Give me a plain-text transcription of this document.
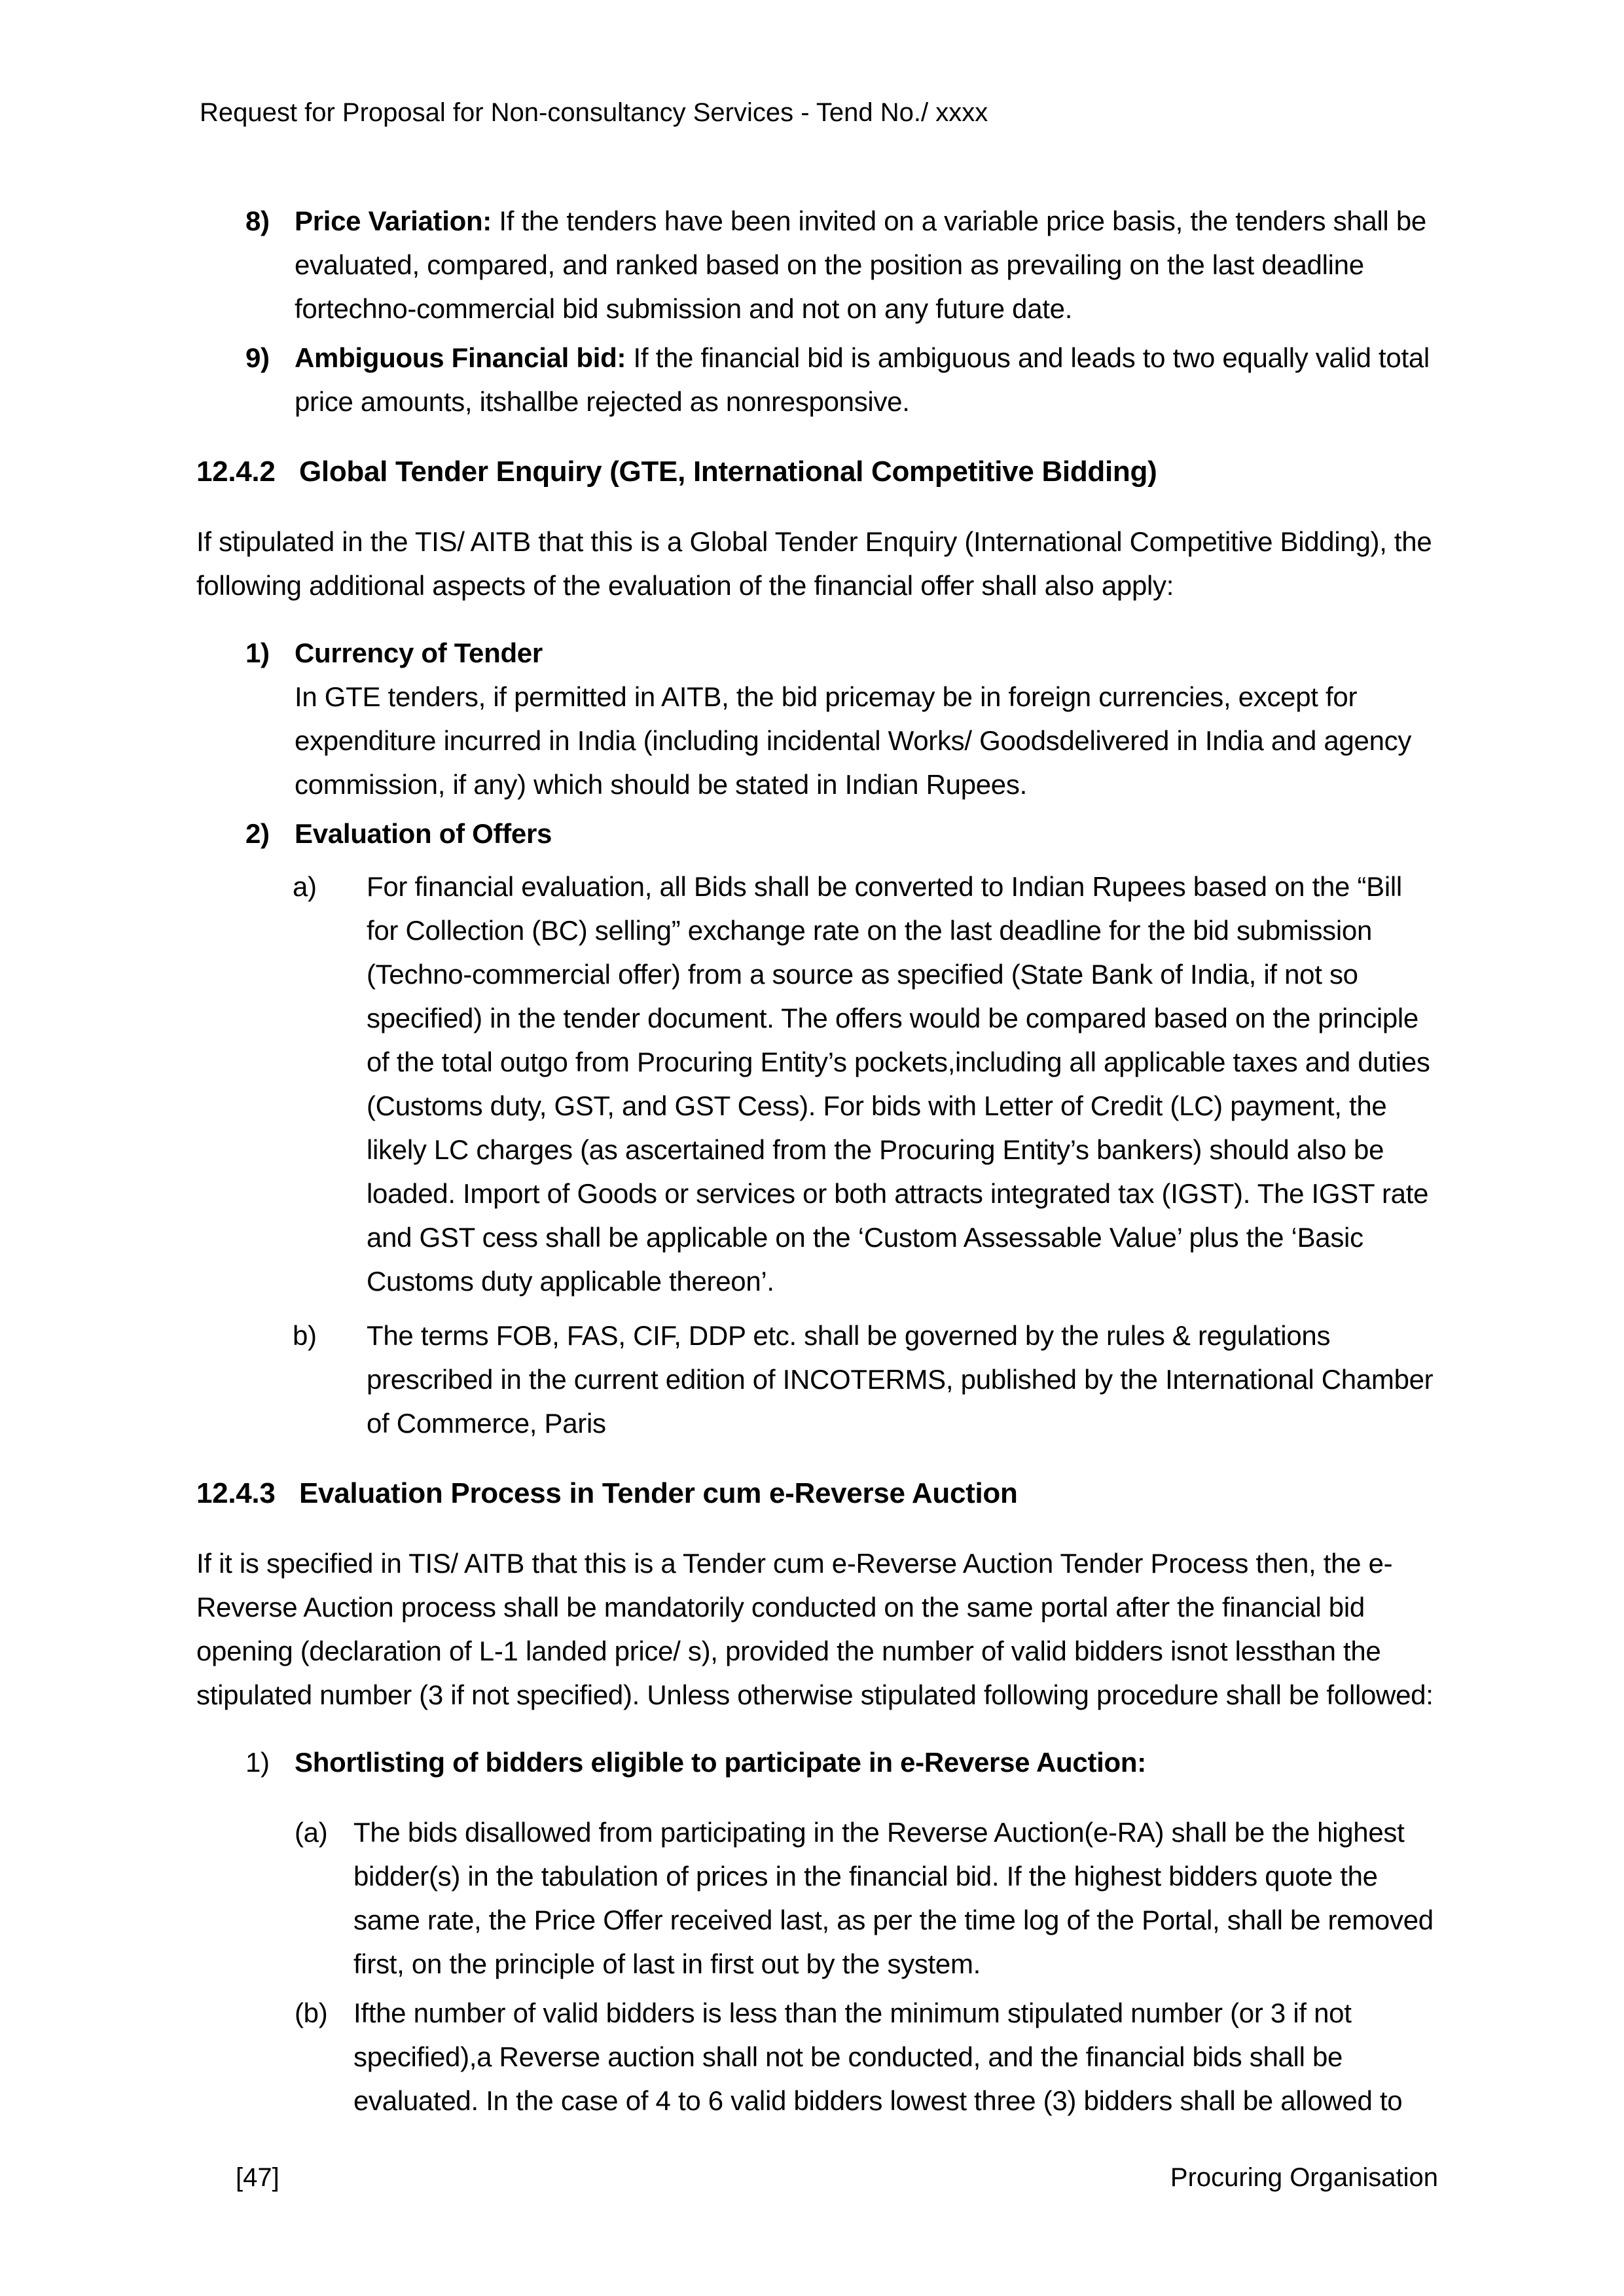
Request for Proposal for Non-consultancy Services - Tend No./ xxxx
8) Price Variation: If the tenders have been invited on a variable price basis, the tenders shall be evaluated, compared, and ranked based on the position as prevailing on the last deadline fortechno-commercial bid submission and not on any future date.

9) Ambiguous Financial bid: If the financial bid is ambiguous and leads to two equally valid total price amounts, itshallbe rejected as nonresponsive.

12.4.2 Global Tender Enquiry (GTE, International Competitive Bidding)

If stipulated in the TIS/ AITB that this is a Global Tender Enquiry (International Competitive Bidding), the following additional aspects of the evaluation of the financial offer shall also apply:

1) Currency of Tender
In GTE tenders, if permitted in AITB, the bid pricemay be in foreign currencies, except for expenditure incurred in India (including incidental Works/ Goodsdelivered in India and agency commission, if any) which should be stated in Indian Rupees.

2) Evaluation of Offers

a)	For financial evaluation, all Bids shall be converted to Indian Rupees based on the “Bill for Collection (BC) selling” exchange rate on the last deadline for the bid submission (Techno-commercial offer) from a source as specified (State Bank of India, if not so specified) in the tender document. The offers would be compared based on the principle of the total outgo from Procuring Entity’s pockets,including all applicable taxes and duties (Customs duty, GST, and GST Cess). For bids with Letter of Credit (LC) payment, the likely LC charges (as ascertained from the Procuring Entity’s bankers) should also be loaded. Import of Goods or services or both attracts integrated tax (IGST). The IGST rate and GST cess shall be applicable on the ‘Custom Assessable Value’ plus the ‘Basic Customs duty applicable thereon’.

b)	The terms FOB, FAS, CIF, DDP etc. shall be governed by the rules & regulations prescribed in the current edition of INCOTERMS, published by the International Chamber of Commerce, Paris

12.4.3 Evaluation Process in Tender cum e-Reverse Auction

If it is specified in TIS/ AITB that this is a Tender cum e-Reverse Auction Tender Process then, the e-Reverse Auction process shall be mandatorily conducted on the same portal after the financial bid opening (declaration of L-1 landed price/ s), provided the number of valid bidders isnot lessthan the stipulated number (3 if not specified). Unless otherwise stipulated following procedure shall be followed:

1) Shortlisting of bidders eligible to participate in e-Reverse Auction:

(a) The bids disallowed from participating in the Reverse Auction(e-RA) shall be the highest bidder(s) in the tabulation of prices in the financial bid. If the highest bidders quote the same rate, the Price Offer received last, as per the time log of the Portal, shall be removed first, on the principle of last in first out by the system.

(b) Ifthe number of valid bidders is less than the minimum stipulated number (or 3 if not specified),a Reverse auction shall not be conducted, and the financial bids shall be evaluated. In the case of 4 to 6 valid bidders lowest three (3) bidders shall be allowed to

[47]	Procuring Organisation
